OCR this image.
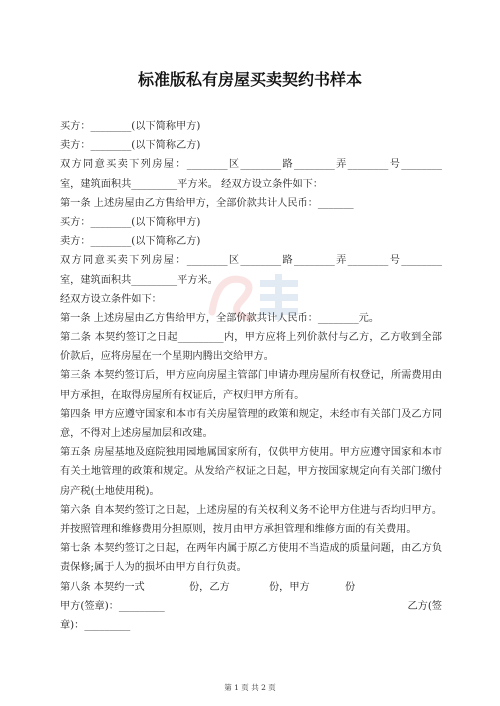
标准版私有房屋买卖契约书样本
买方：________(以下简称甲方)
卖方：________(以下简称乙方)
双方同意买卖下列房屋：________区________路________弄________号________
室，建筑面积共_________平方米。 经双方设立条件如下：
第一条 上述房屋由乙方售给甲方，全部价款共计人民币：_______
买方：________(以下简称甲方)
卖方：________(以下简称乙方)
双方同意买卖下列房屋：________区________路________弄________号________
室，建筑面积共_________平方米。
经双方设立条件如下：
第一条 上述房屋由乙方售给甲方，全部价款共计人民币：________元。
第二条 本契约签订之日起_________内，甲方应将上列价款付与乙方，乙方收到全部
价款后，应将房屋在一个星期内腾出交给甲方。
第三条 本契约签订后，甲方应向房屋主管部门申请办理房屋所有权登记，所需费用由
甲方承担，在取得房屋所有权证后，产权归甲方所有。
第四条 甲方应遵守国家和本市有关房屋管理的政策和规定，未经市有关部门及乙方同
意，不得对上述房屋加层和改建。
第五条 房屋基地及庭院独用园地属国家所有，仅供甲方使用。甲方应遵守国家和本市
有关土地管理的政策和规定。从发给产权证之日起，甲方按国家规定向有关部门缴付
房产税(土地使用税)。
第六条 自本契约签订之日起，上述房屋的有关权利义务不论甲方住进与否均归甲方。
并按照管理和维修费用分担原则，按月由甲方承担管理和维修方面的有关费用。
第七条 本契约签订之日起，在两年内属于原乙方使用不当造成的质量问题，由乙方负
责保修;属于人为的损坏由甲方自行负责。
第八条 本契约一式	份，乙方	份，甲方	份
甲方(签章)：_________	乙方(签
章)：_________
第 1 页 共 2 页
